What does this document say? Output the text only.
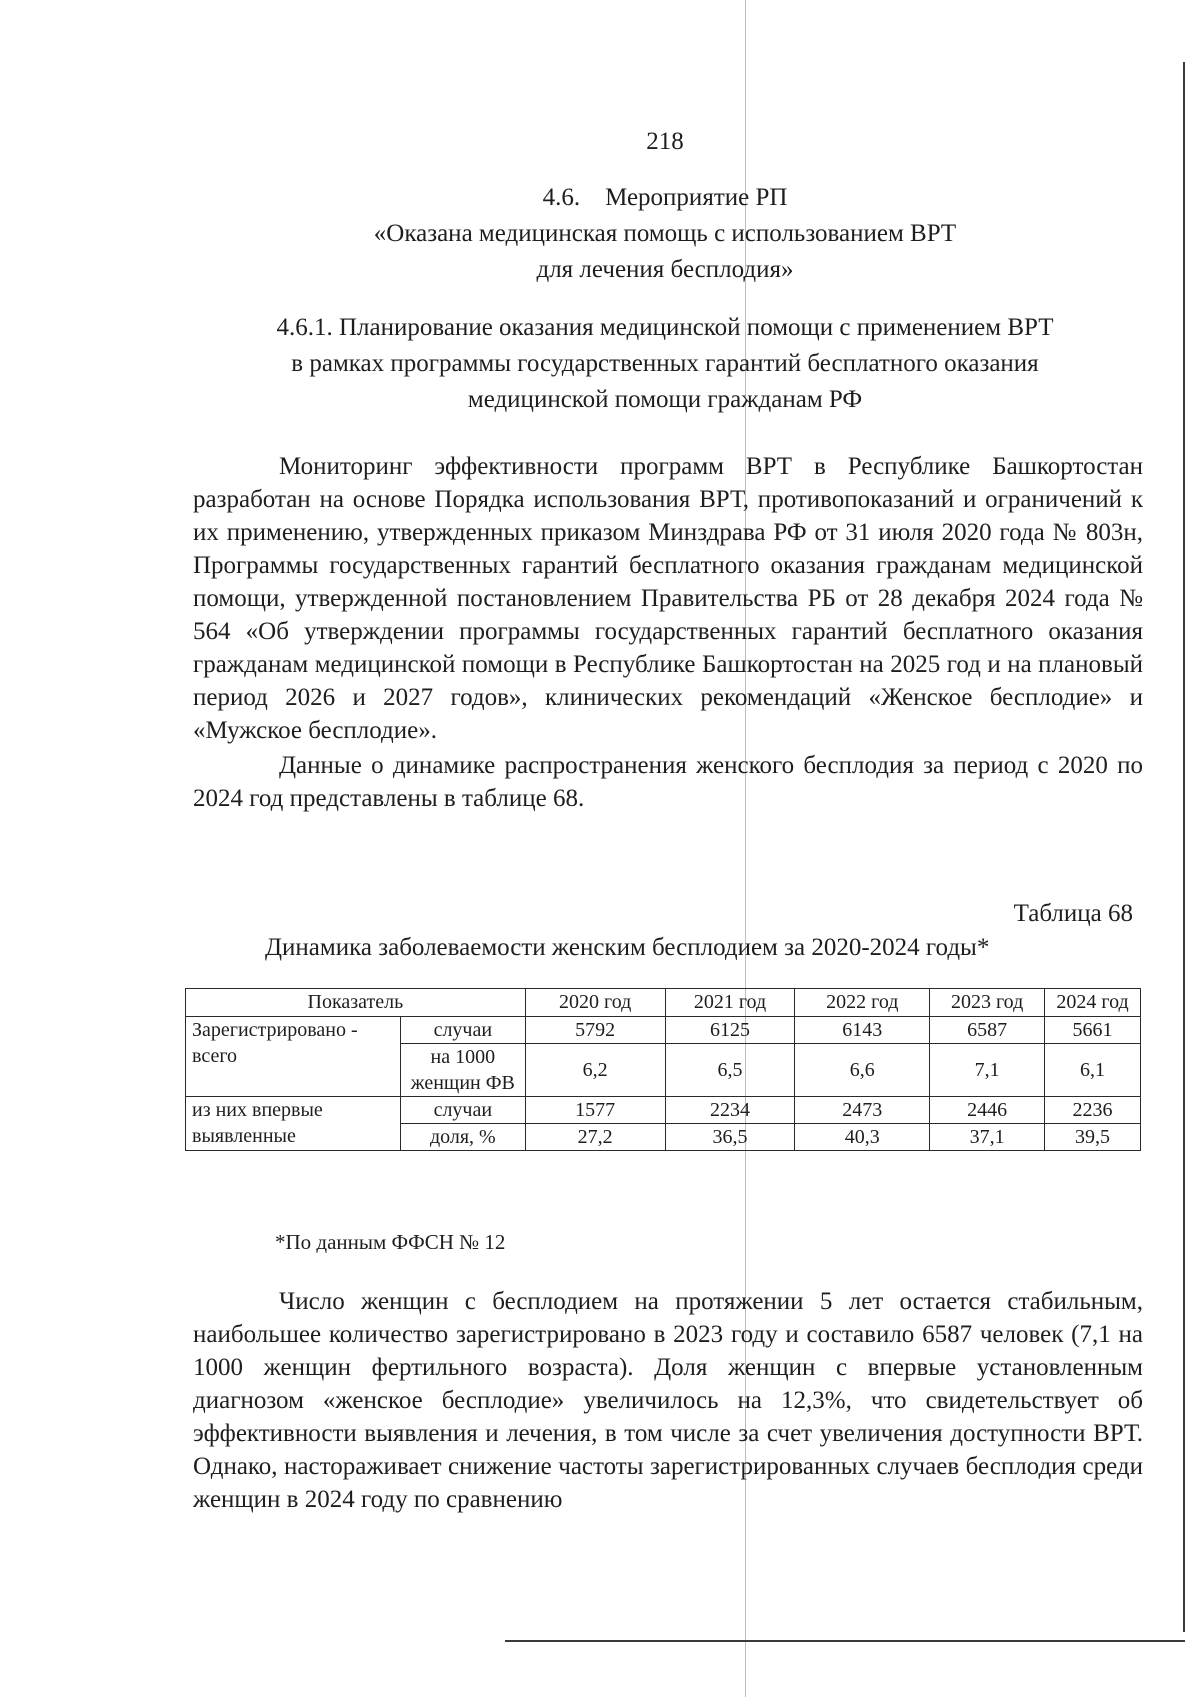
218
4.6.    Мероприятие РП
«Оказана медицинская помощь с использованием ВРТ
для лечения бесплодия»
4.6.1. Планирование оказания медицинской помощи с применением ВРТ
в рамках программы государственных гарантий бесплатного оказания
медицинской помощи гражданам РФ

Мониторинг эффективности программ ВРТ в Республике Башкортостан разработан на основе Порядка использования ВРТ, противопоказаний и ограничений к их применению, утвержденных приказом Минздрава РФ от 31 июля 2020 года № 803н, Программы государственных гарантий бесплатного оказания гражданам медицинской помощи, утвержденной постановлением Правительства РБ от 28 декабря 2024 года № 564 «Об утверждении программы государственных гарантий бесплатного оказания гражданам медицинской помощи в Республике Башкортостан на 2025 год и на плановый период 2026 и 2027 годов», клинических рекомендаций «Женское бесплодие» и «Мужское бесплодие».

Данные о динамике распространения женского бесплодия за период с 2020 по 2024 год представлены в таблице 68.

Таблица 68
Динамика заболеваемости женским бесплодием за 2020-2024 годы*
Показатель		2020 год	2021 год	2022 год	2023 год	2024 год
Зарегистрировано - всего	случаи	5792	6125	6143	6587	5661
	на 1000 женщин ФВ	6,2	6,5	6,6	7,1	6,1
из них впервые выявленные	случаи	1577	2234	2473	2446	2236
	доля, %	27,2	36,5	40,3	37,1	39,5
*По данным ФФСН № 12

Число женщин с бесплодием на протяжении 5 лет остается стабильным, наибольшее количество зарегистрировано в 2023 году и составило 6587 человек (7,1 на 1000 женщин фертильного возраста). Доля женщин с впервые установленным диагнозом «женское бесплодие» увеличилось на 12,3%, что свидетельствует об эффективности выявления и лечения, в том числе за счет увеличения доступности ВРТ. Однако, настораживает снижение частоты зарегистрированных случаев бесплодия среди женщин в 2024 году по сравнению
